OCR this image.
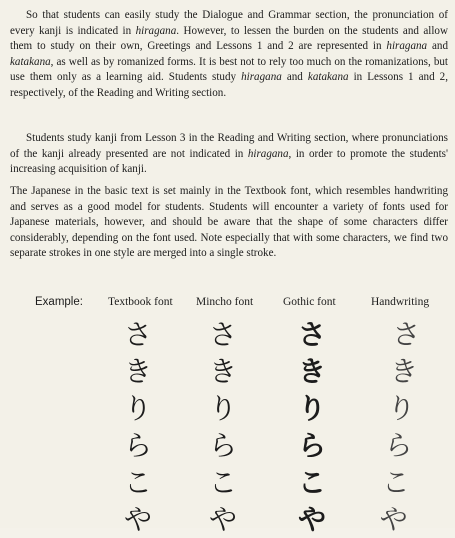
So that students can easily study the Dialogue and Grammar section, the pronunciation of every kanji is indicated in hiragana. However, to lessen the burden on the students and allow them to study on their own, Greetings and Lessons 1 and 2 are represented in hiragana and katakana, as well as by romanized forms. It is best not to rely too much on the romanizations, but use them only as a learning aid. Students study hiragana and katakana in Lessons 1 and 2, respectively, of the Reading and Writing section.

Students study kanji from Lesson 3 in the Reading and Writing section, where pronunciations of the kanji already presented are not indicated in hiragana, in order to promote the students' increasing acquisition of kanji.

The Japanese in the basic text is set mainly in the Textbook font, which resembles handwriting and serves as a good model for students. Students will encounter a variety of fonts used for Japanese materials, however, and should be aware that the shape of some characters differ considerably, depending on the font used. Note especially that with some characters, we find two separate strokes in one style are merged into a single stroke.

Example: Textbook font Mincho font	Gothic font	Handwriting
さ
き
り
ら
こ
や
さ
き
り
ら
こ
や
さ
き
り
ら
こ
や
さ
き
り
ら
こ
や
